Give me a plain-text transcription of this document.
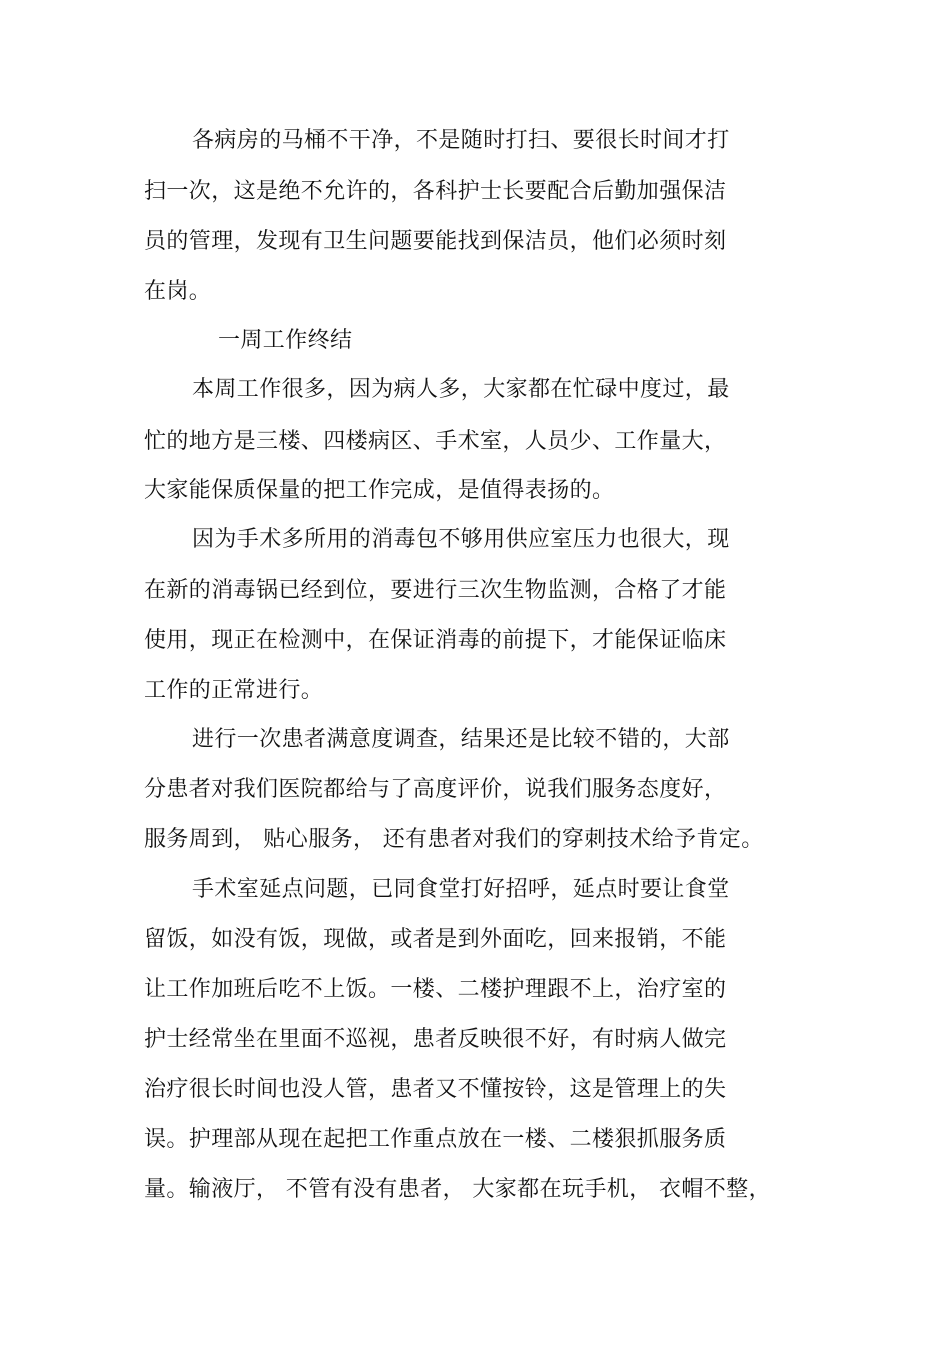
各病房的马桶不干净，不是随时打扫、要很长时间才打

扫一次，这是绝不允许的，各科护士长要配合后勤加强保洁

员的管理，发现有卫生问题要能找到保洁员，他们必须时刻

在岗。

一周工作终结

本周工作很多，因为病人多，大家都在忙碌中度过，最

忙的地方是三楼、四楼病区、手术室，人员少、工作量大，

大家能保质保量的把工作完成，是值得表扬的。

因为手术多所用的消毒包不够用供应室压力也很大，现

在新的消毒锅已经到位，要进行三次生物监测，合格了才能

使用，现正在检测中，在保证消毒的前提下，才能保证临床

工作的正常进行。

进行一次患者满意度调查，结果还是比较不错的，大部

分患者对我们医院都给与了高度评价，说我们服务态度好，

服务周到， 贴心服务， 还有患者对我们的穿刺技术给予肯定。

手术室延点问题，已同食堂打好招呼，延点时要让食堂

留饭，如没有饭，现做，或者是到外面吃，回来报销，不能

让工作加班后吃不上饭。一楼、二楼护理跟不上，治疗室的

护士经常坐在里面不巡视，患者反映很不好，有时病人做完

治疗很长时间也没人管，患者又不懂按铃，这是管理上的失

误。护理部从现在起把工作重点放在一楼、二楼狠抓服务质

量。输液厅， 不管有没有患者， 大家都在玩手机， 衣帽不整，
